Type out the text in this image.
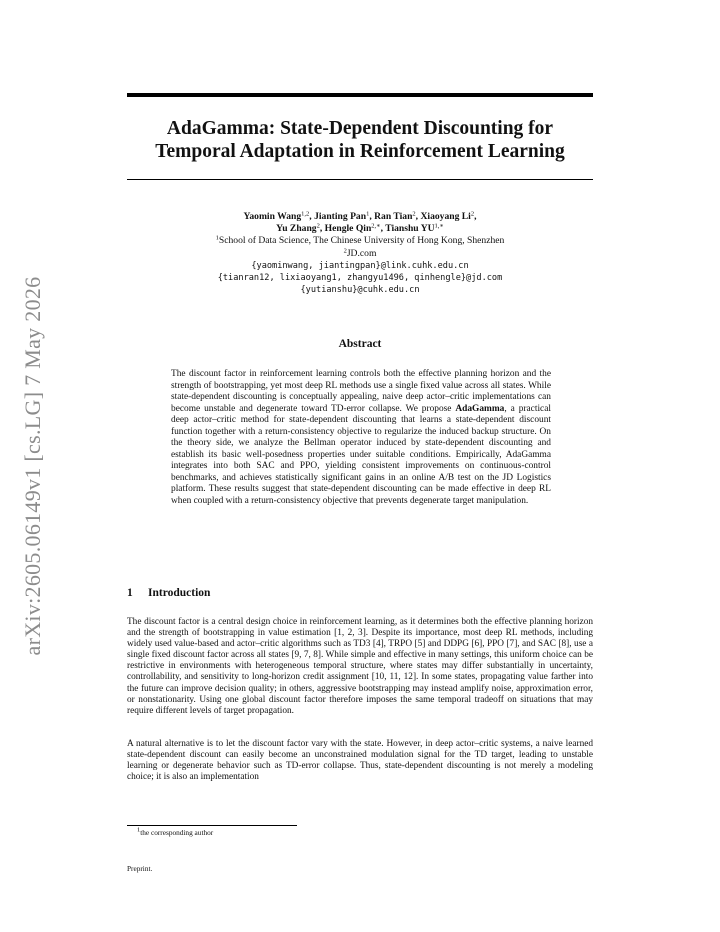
arXiv:2605.06149v1 [cs.LG] 7 May 2026
AdaGamma: State-Dependent Discounting for
Temporal Adaptation in Reinforcement Learning
Yaomin Wang$^{1,2}$, Jianting Pan$^1$, Ran Tian$^2$, Xiaoyang Li$^2$,
Yu Zhang$^2$, Hengle Qin$^{2,∗}$, Tianshu $YU^{1,∗}$
$^1$School of Data Science, The Chinese University of Hong Kong, Shenzhen
$^2$JD.com
{yaominwang, jiantingpan}@link.cuhk.edu.cn
{tianran12, lixiaoyang1, zhangyu1496, qinhengle}@jd.com
{yutianshu}@cuhk.edu.cn
Abstract
The discount factor in reinforcement learning controls both the effective planning horizon and the strength of bootstrapping, yet most deep RL methods use a single fixed value across all states. While state-dependent discounting is conceptually appealing, naive deep actor–critic implementations can become unstable and degenerate toward TD-error collapse. We propose AdaGamma, a practical deep actor–critic method for state-dependent discounting that learns a state-dependent discount function together with a return-consistency objective to regularize the induced backup structure. On the theory side, we analyze the Bellman operator induced by state-dependent discounting and establish its basic well-posedness properties under suitable conditions. Empirically, AdaGamma integrates into both SAC and PPO, yielding consistent improvements on continuous-control benchmarks, and achieves statistically significant gains in an online A/B test on the JD Logistics platform. These results suggest that state-dependent discounting can be made effective in deep RL when coupled with a return-consistency objective that prevents degenerate target manipulation.
1 Introduction
The discount factor is a central design choice in reinforcement learning, as it determines both the effective planning horizon and the strength of bootstrapping in value estimation [1, 2, 3]. Despite its importance, most deep RL methods, including widely used value-based and actor–critic algorithms such as TD3 [4], TRPO [5] and DDPG [6], PPO [7], and SAC [8], use a single fixed discount factor across all states [9, 7, 8]. While simple and effective in many settings, this uniform choice can be restrictive in environments with heterogeneous temporal structure, where states may differ substantially in uncertainty, controllability, and sensitivity to long-horizon credit assignment [10, 11, 12]. In some states, propagating value farther into the future can improve decision quality; in others, aggressive bootstrapping may instead amplify noise, approximation error, or nonstationarity. Using one global discount factor therefore imposes the same temporal tradeoff on situations that may require different levels of target propagation.
A natural alternative is to let the discount factor vary with the state. However, in deep actor–critic systems, a naive learned state-dependent discount can easily become an unconstrained modulation signal for the TD target, leading to unstable learning or degenerate behavior such as TD-error collapse. Thus, state-dependent discounting is not merely a modeling choice; it is also an implementation
$^1$the corresponding author
Preprint.
